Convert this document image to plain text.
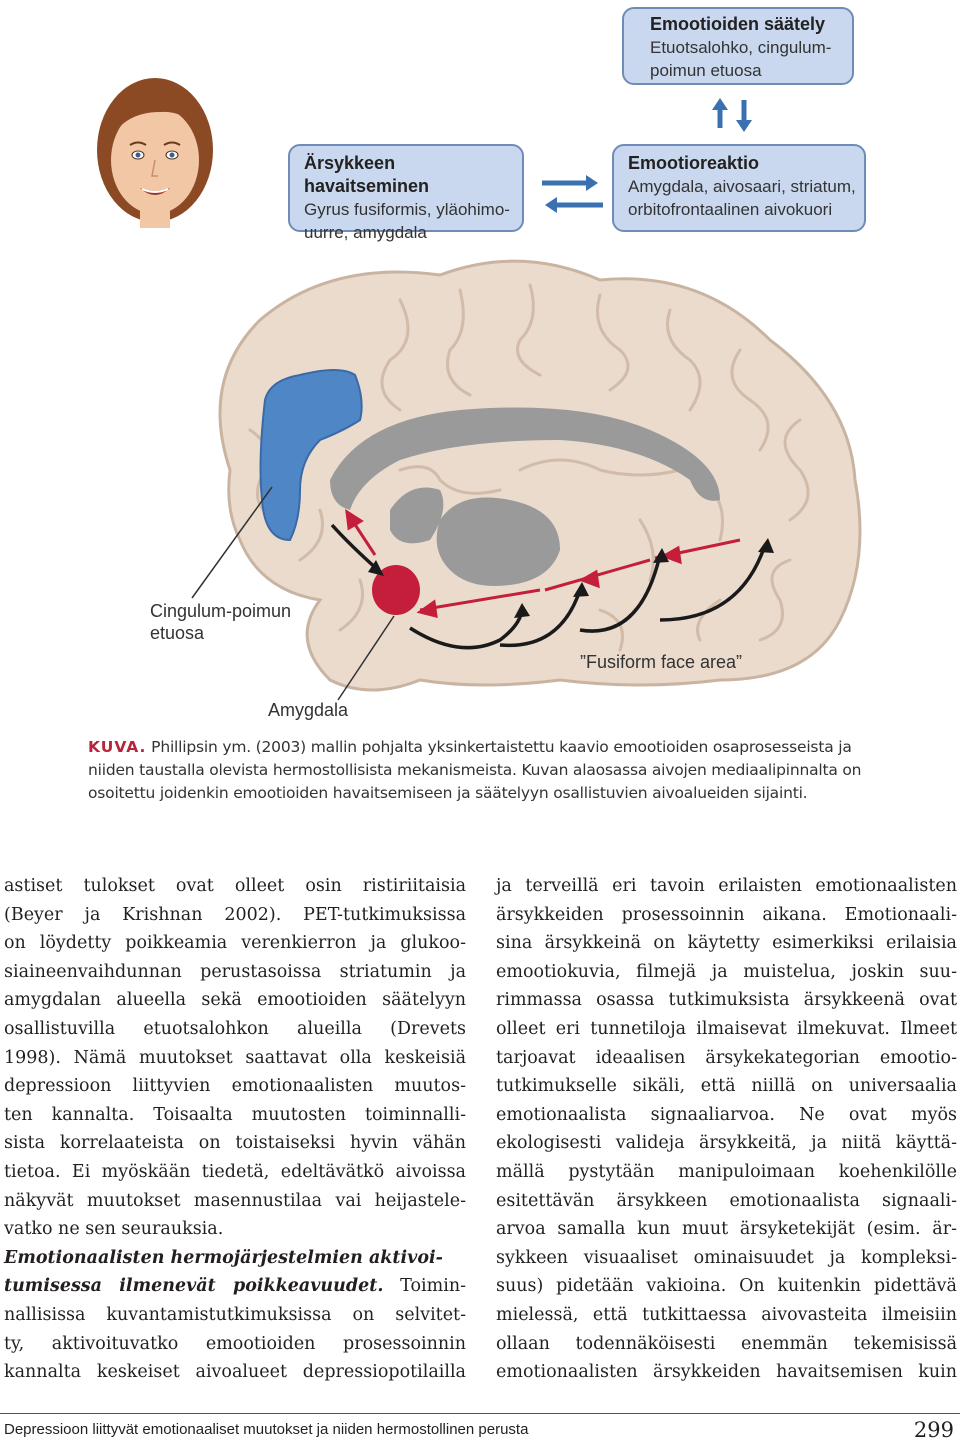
Emootioiden säätely
Etuotsalohko, cingulum-
poimun etuosa
Ärsykkeen havaitseminen
Gyrus fusiformis, yläohimo-
uurre, amygdala
Emootioreaktio
Amygdala, aivosaari, striatum,
orbitofrontaalinen aivokuori
Cingulum-poimun
etuosa
”Fusiform face area”
Amygdala
KUVA. Phillipsin ym. (2003) mallin pohjalta yksinkertaistettu kaavio emootioiden osaprosesseista ja niiden taustalla olevista hermostollisista mekanismeista. Kuvan alaosassa aivojen mediaalipinnalta on osoitettu joidenkin emootioiden havaitsemiseen ja säätelyyn osallistuvien aivoalueiden sijainti.
astiset tulokset ovat olleet osin ristiriitaisia
(Beyer ja Krishnan 2002). PET-tutkimuksissa
on löydetty poikkeamia verenkierron ja glukoo-
siaineenvaihdunnan perustasoissa striatumin ja
amygdalan alueella sekä emootioiden säätelyyn
osallistuvilla etuotsalohkon alueilla (Drevets
1998). Nämä muutokset saattavat olla keskeisiä
depressioon liittyvien emotionaalisten muutos-
ten kannalta. Toisaalta muutosten toiminnalli-
sista korrelaateista on toistaiseksi hyvin vähän
tietoa. Ei myöskään tiedetä, edeltävätkö aivoissa
näkyvät muutokset masennustilaa vai heijastele-
vatko ne sen seurauksia.
Emotionaalisten hermojärjestelmien aktivoi-
tumisessa ilmenevät poikkeavuudet. Toimin-
nallisissa kuvantamistutkimuksissa on selvitet-
ty, aktivoituvatko emootioiden prosessoinnin
kannalta keskeiset aivoalueet depressiopotilailla
ja terveillä eri tavoin erilaisten emotionaalisten
ärsykkeiden prosessoinnin aikana. Emotionaali-
sina ärsykkeinä on käytetty esimerkiksi erilaisia
emootiokuvia, filmejä ja muistelua, joskin suu-
rimmassa osassa tutkimuksista ärsykkeenä ovat
olleet eri tunnetiloja ilmaisevat ilmekuvat. Ilmeet
tarjoavat ideaalisen ärsykekategorian emootio-
tutkimukselle sikäli, että niillä on universaalia
emotionaalista signaaliarvoa. Ne ovat myös
ekologisesti valideja ärsykkeitä, ja niitä käyttä-
mällä pystytään manipuloimaan koehenkilölle
esitettävän ärsykkeen emotionaalista signaali-
arvoa samalla kun muut ärsyketekijät (esim. är-
sykkeen visuaaliset ominaisuudet ja kompleksi-
suus) pidetään vakioina. On kuitenkin pidettävä
mielessä, että tutkittaessa aivovasteita ilmeisiin
ollaan todennäköisesti enemmän tekemisissä
emotionaalisten ärsykkeiden havaitsemisen kuin
Depressioon liittyvät emotionaaliset muutokset ja niiden hermostollinen perusta	299
